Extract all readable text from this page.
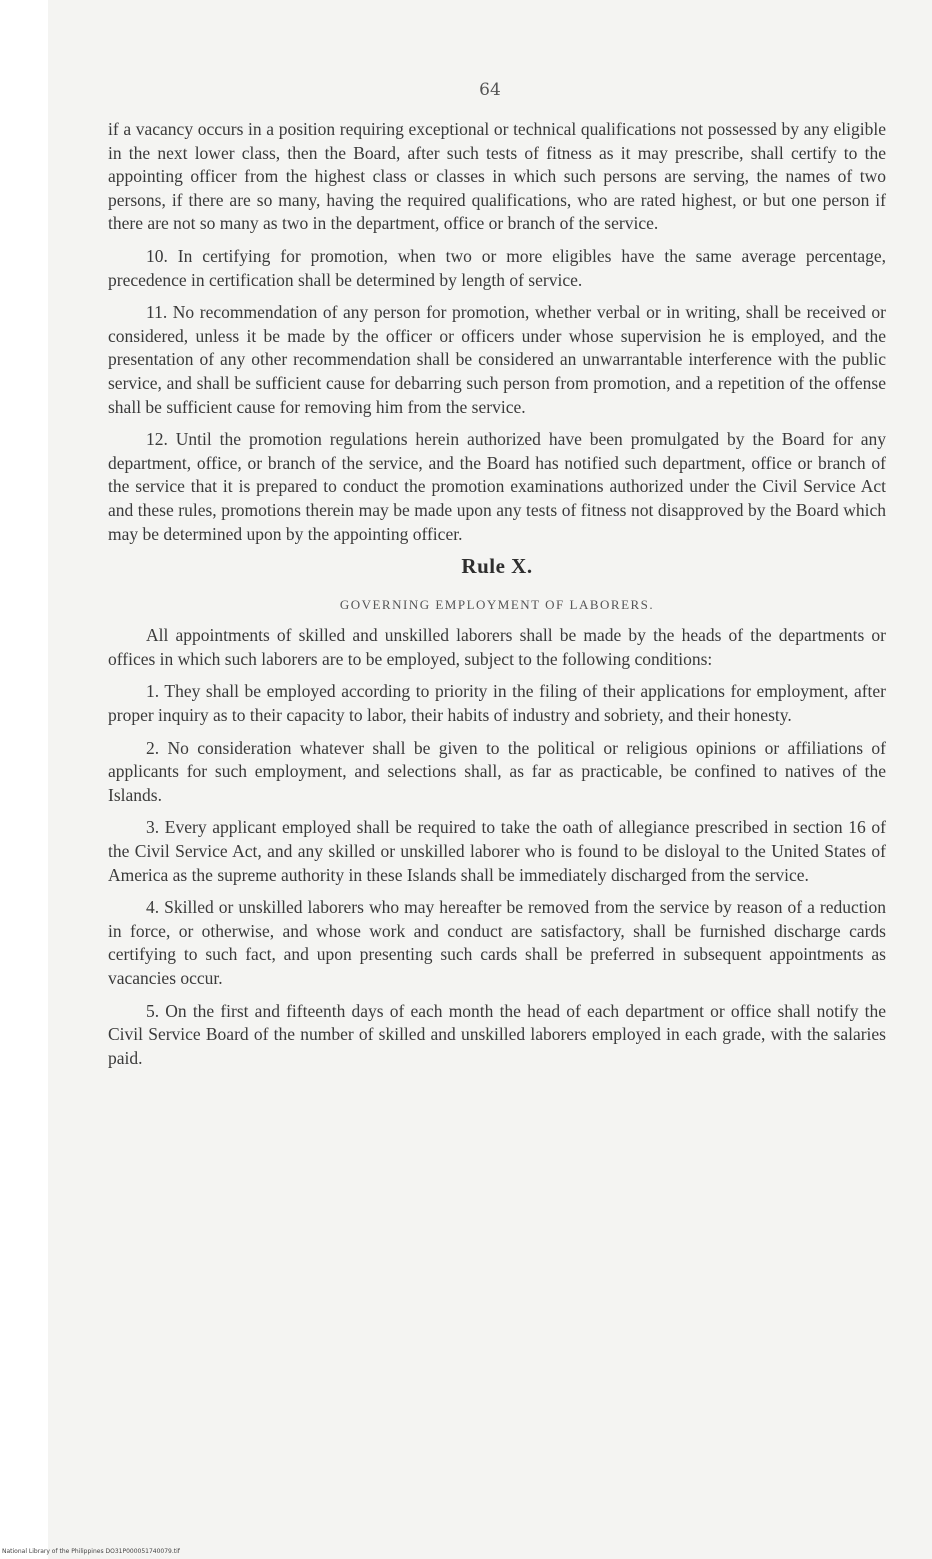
64

if a vacancy occurs in a position requiring exceptional or technical qualifications not possessed by any eligible in the next lower class, then the Board, after such tests of fitness as it may prescribe, shall certify to the appointing officer from the highest class or classes in which such persons are serving, the names of two persons, if there are so many, having the required qualifications, who are rated highest, or but one person if there are not so many as two in the department, office or branch of the service.

10. In certifying for promotion, when two or more eligibles have the same average percentage, precedence in certification shall be determined by length of service.

11. No recommendation of any person for promotion, whether verbal or in writing, shall be received or considered, unless it be made by the officer or officers under whose supervision he is employed, and the presentation of any other recommendation shall be considered an unwarrantable interference with the public service, and shall be sufficient cause for debarring such person from promotion, and a repetition of the offense shall be sufficient cause for removing him from the service.

12. Until the promotion regulations herein authorized have been promulgated by the Board for any department, office, or branch of the service, and the Board has notified such department, office or branch of the service that it is prepared to conduct the promotion examinations authorized under the Civil Service Act and these rules, promotions therein may be made upon any tests of fitness not disapproved by the Board which may be determined upon by the appointing officer.

Rule X.
GOVERNING EMPLOYMENT OF LABORERS.

All appointments of skilled and unskilled laborers shall be made by the heads of the departments or offices in which such laborers are to be employed, subject to the following conditions:

1. They shall be employed according to priority in the filing of their applications for employment, after proper inquiry as to their capacity to labor, their habits of industry and sobriety, and their honesty.

2. No consideration whatever shall be given to the political or religious opinions or affiliations of applicants for such employment, and selections shall, as far as practicable, be confined to natives of the Islands.

3. Every applicant employed shall be required to take the oath of allegiance prescribed in section 16 of the Civil Service Act, and any skilled or unskilled laborer who is found to be disloyal to the United States of America as the supreme authority in these Islands shall be immediately discharged from the service.

4. Skilled or unskilled laborers who may hereafter be removed from the service by reason of a reduction in force, or otherwise, and whose work and conduct are satisfactory, shall be furnished discharge cards certifying to such fact, and upon presenting such cards shall be preferred in subsequent appointments as vacancies occur.

5. On the first and fifteenth days of each month the head of each department or office shall notify the Civil Service Board of the number of skilled and unskilled laborers employed in each grade, with the salaries paid.

National Library of the Philippines DO31P000051740079.tif
